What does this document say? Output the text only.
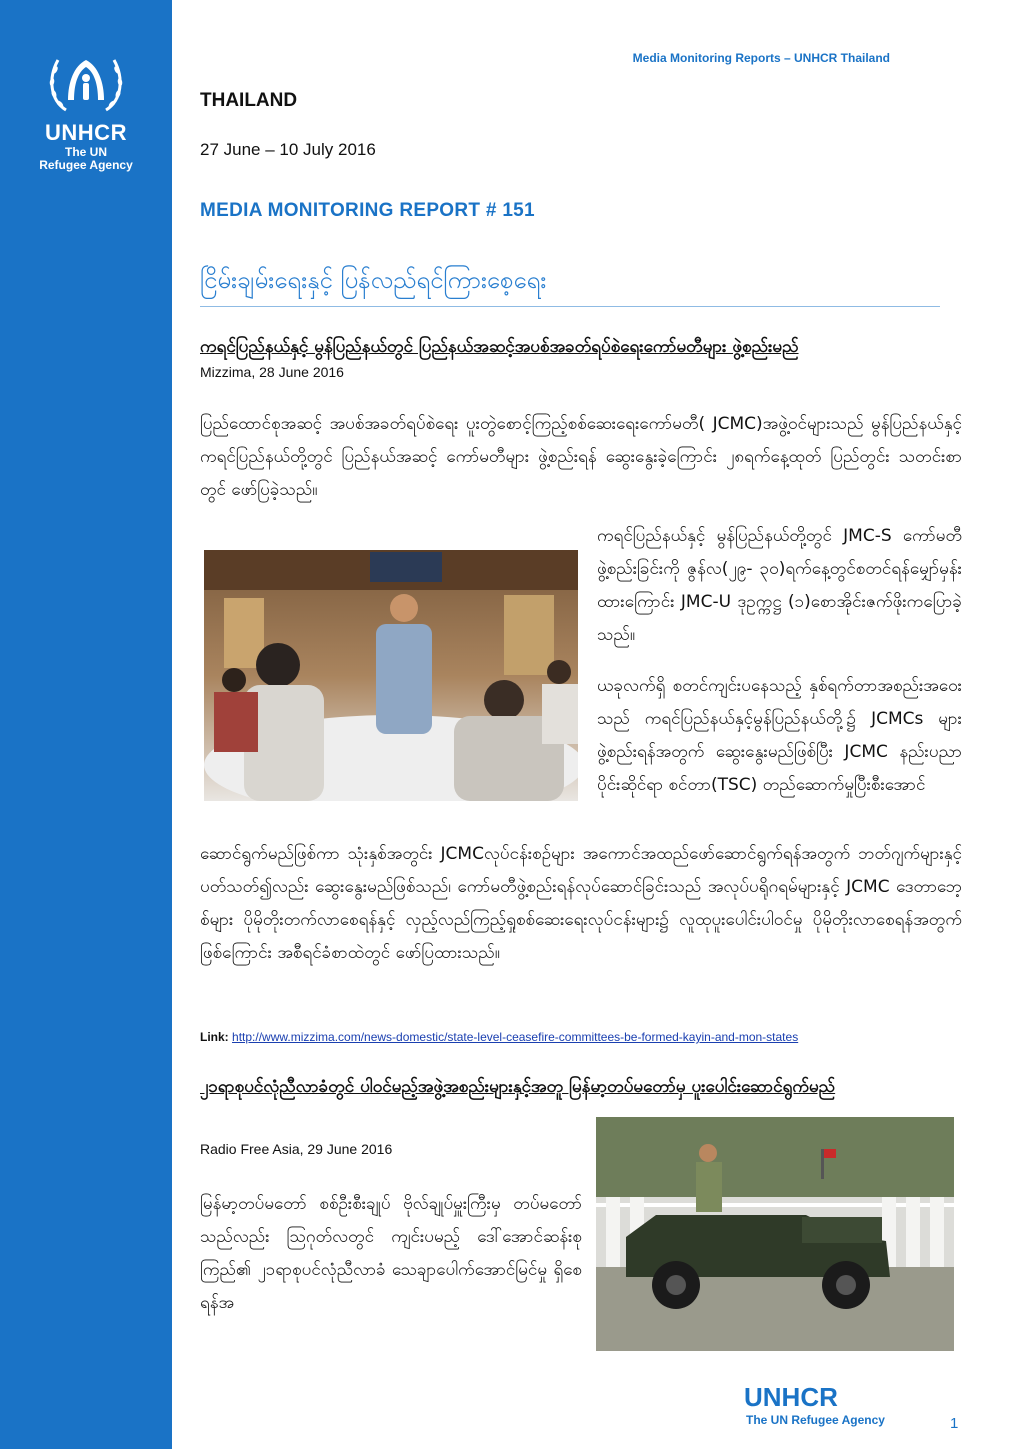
UNHCR
The UN
Refugee Agency
Media Monitoring Reports – UNHCR Thailand
THAILAND
27 June – 10 July 2016
MEDIA MONITORING REPORT # 151
ငြိမ်းချမ်းရေးနှင့် ပြန်လည်ရင်ကြားစေ့ရေး
ကရင်ပြည်နယ်နှင့် မွန်ပြည်နယ်တွင် ပြည်နယ်အဆင့်အပစ်အခတ်ရပ်စဲရေးကော်မတီများ ဖွဲ့စည်းမည်
Mizzima, 28 June 2016
ပြည်ထောင်စုအဆင့် အပစ်အခတ်ရပ်စဲရေး ပူးတွဲစောင့်ကြည့်စစ်ဆေးရေးကော်မတီ( JCMC)အဖွဲ့ဝင်များသည် မွန်ပြည်နယ်နှင့် ကရင်ပြည်နယ်တို့တွင် ပြည်နယ်အဆင့် ကော်မတီများ ဖွဲ့စည်းရန် ဆွေးနွေးခဲ့ကြောင်း ၂၈ရက်နေ့ထုတ် ပြည်တွင်း သတင်းစာတွင် ဖော်ပြခဲ့သည်။
ကရင်ပြည်နယ်နှင့် မွန်ပြည်နယ်တို့တွင် JMC-S ကော်မတီဖွဲ့စည်းခြင်းကို ဇွန်လ(၂၉- ၃၀)ရက်နေ့တွင်စတင်ရန်မျှော်မှန်းထားကြောင်း JMC-U ဒုဥက္ကဋ္ဌ (၁)စောအိုင်းဇက်ဖိုးကပြောခဲ့သည်။
ယခုလက်ရှိ စတင်ကျင်းပနေသည့် နှစ်ရက်တာအစည်းအဝေးသည် ကရင်ပြည်နယ်နှင့်မွန်ပြည်နယ်တို့၌ JCMCs များဖွဲ့စည်းရန်အတွက် ဆွေးနွေးမည်ဖြစ်ပြီး JCMC နည်းပညာပိုင်းဆိုင်ရာ စင်တာ(TSC) တည်ဆောက်မှုပြီးစီးအောင်
ဆောင်ရွက်မည်ဖြစ်ကာ သုံးနှစ်အတွင်း JCMCလုပ်ငန်းစဉ်များ အကောင်အထည်ဖော်ဆောင်ရွက်ရန်အတွက် ဘတ်ဂျက်များနှင့်ပတ်သတ်၍လည်း ဆွေးနွေးမည်ဖြစ်သည်၊ ကော်မတီဖွဲ့စည်းရန်လုပ်ဆောင်ခြင်းသည် အလုပ်ပရိုဂရမ်များနှင့် JCMC ဒေတာဘေ့စ်များ ပိုမိုတိုးတက်လာစေရန်နှင့် လှည့်လည်ကြည့်ရှုစစ်ဆေးရေးလုပ်ငန်းများ၌ လူထုပူးပေါင်းပါဝင်မှု ပိုမိုတိုးလာစေရန်အတွက်ဖြစ်ကြောင်း အစီရင်ခံစာထဲတွင် ဖော်ပြထားသည်။
Link: http://www.mizzima.com/news-domestic/state-level-ceasefire-committees-be-formed-kayin-and-mon-states
၂၁ရာစုပင်လုံညီလာခံတွင် ပါဝင်မည့်အဖွဲ့အစည်းများနှင့်အတူ မြန်မာ့တပ်မတော်မှ ပူးပေါင်းဆောင်ရွက်မည်
Radio Free Asia, 29 June 2016
မြန်မာ့တပ်မတော် စစ်ဦးစီးချုပ် ဗိုလ်ချုပ်မှူးကြီးမှ တပ်မတော်သည်လည်း ဩဂုတ်လတွင် ကျင်းပမည့် ဒေါ်အောင်ဆန်းစုကြည်၏ ၂၁ရာစုပင်လုံညီလာခံ သေချာပေါက်အောင်မြင်မှု ရှိစေရန်အ
UNHCR
The UN Refugee Agency	1
